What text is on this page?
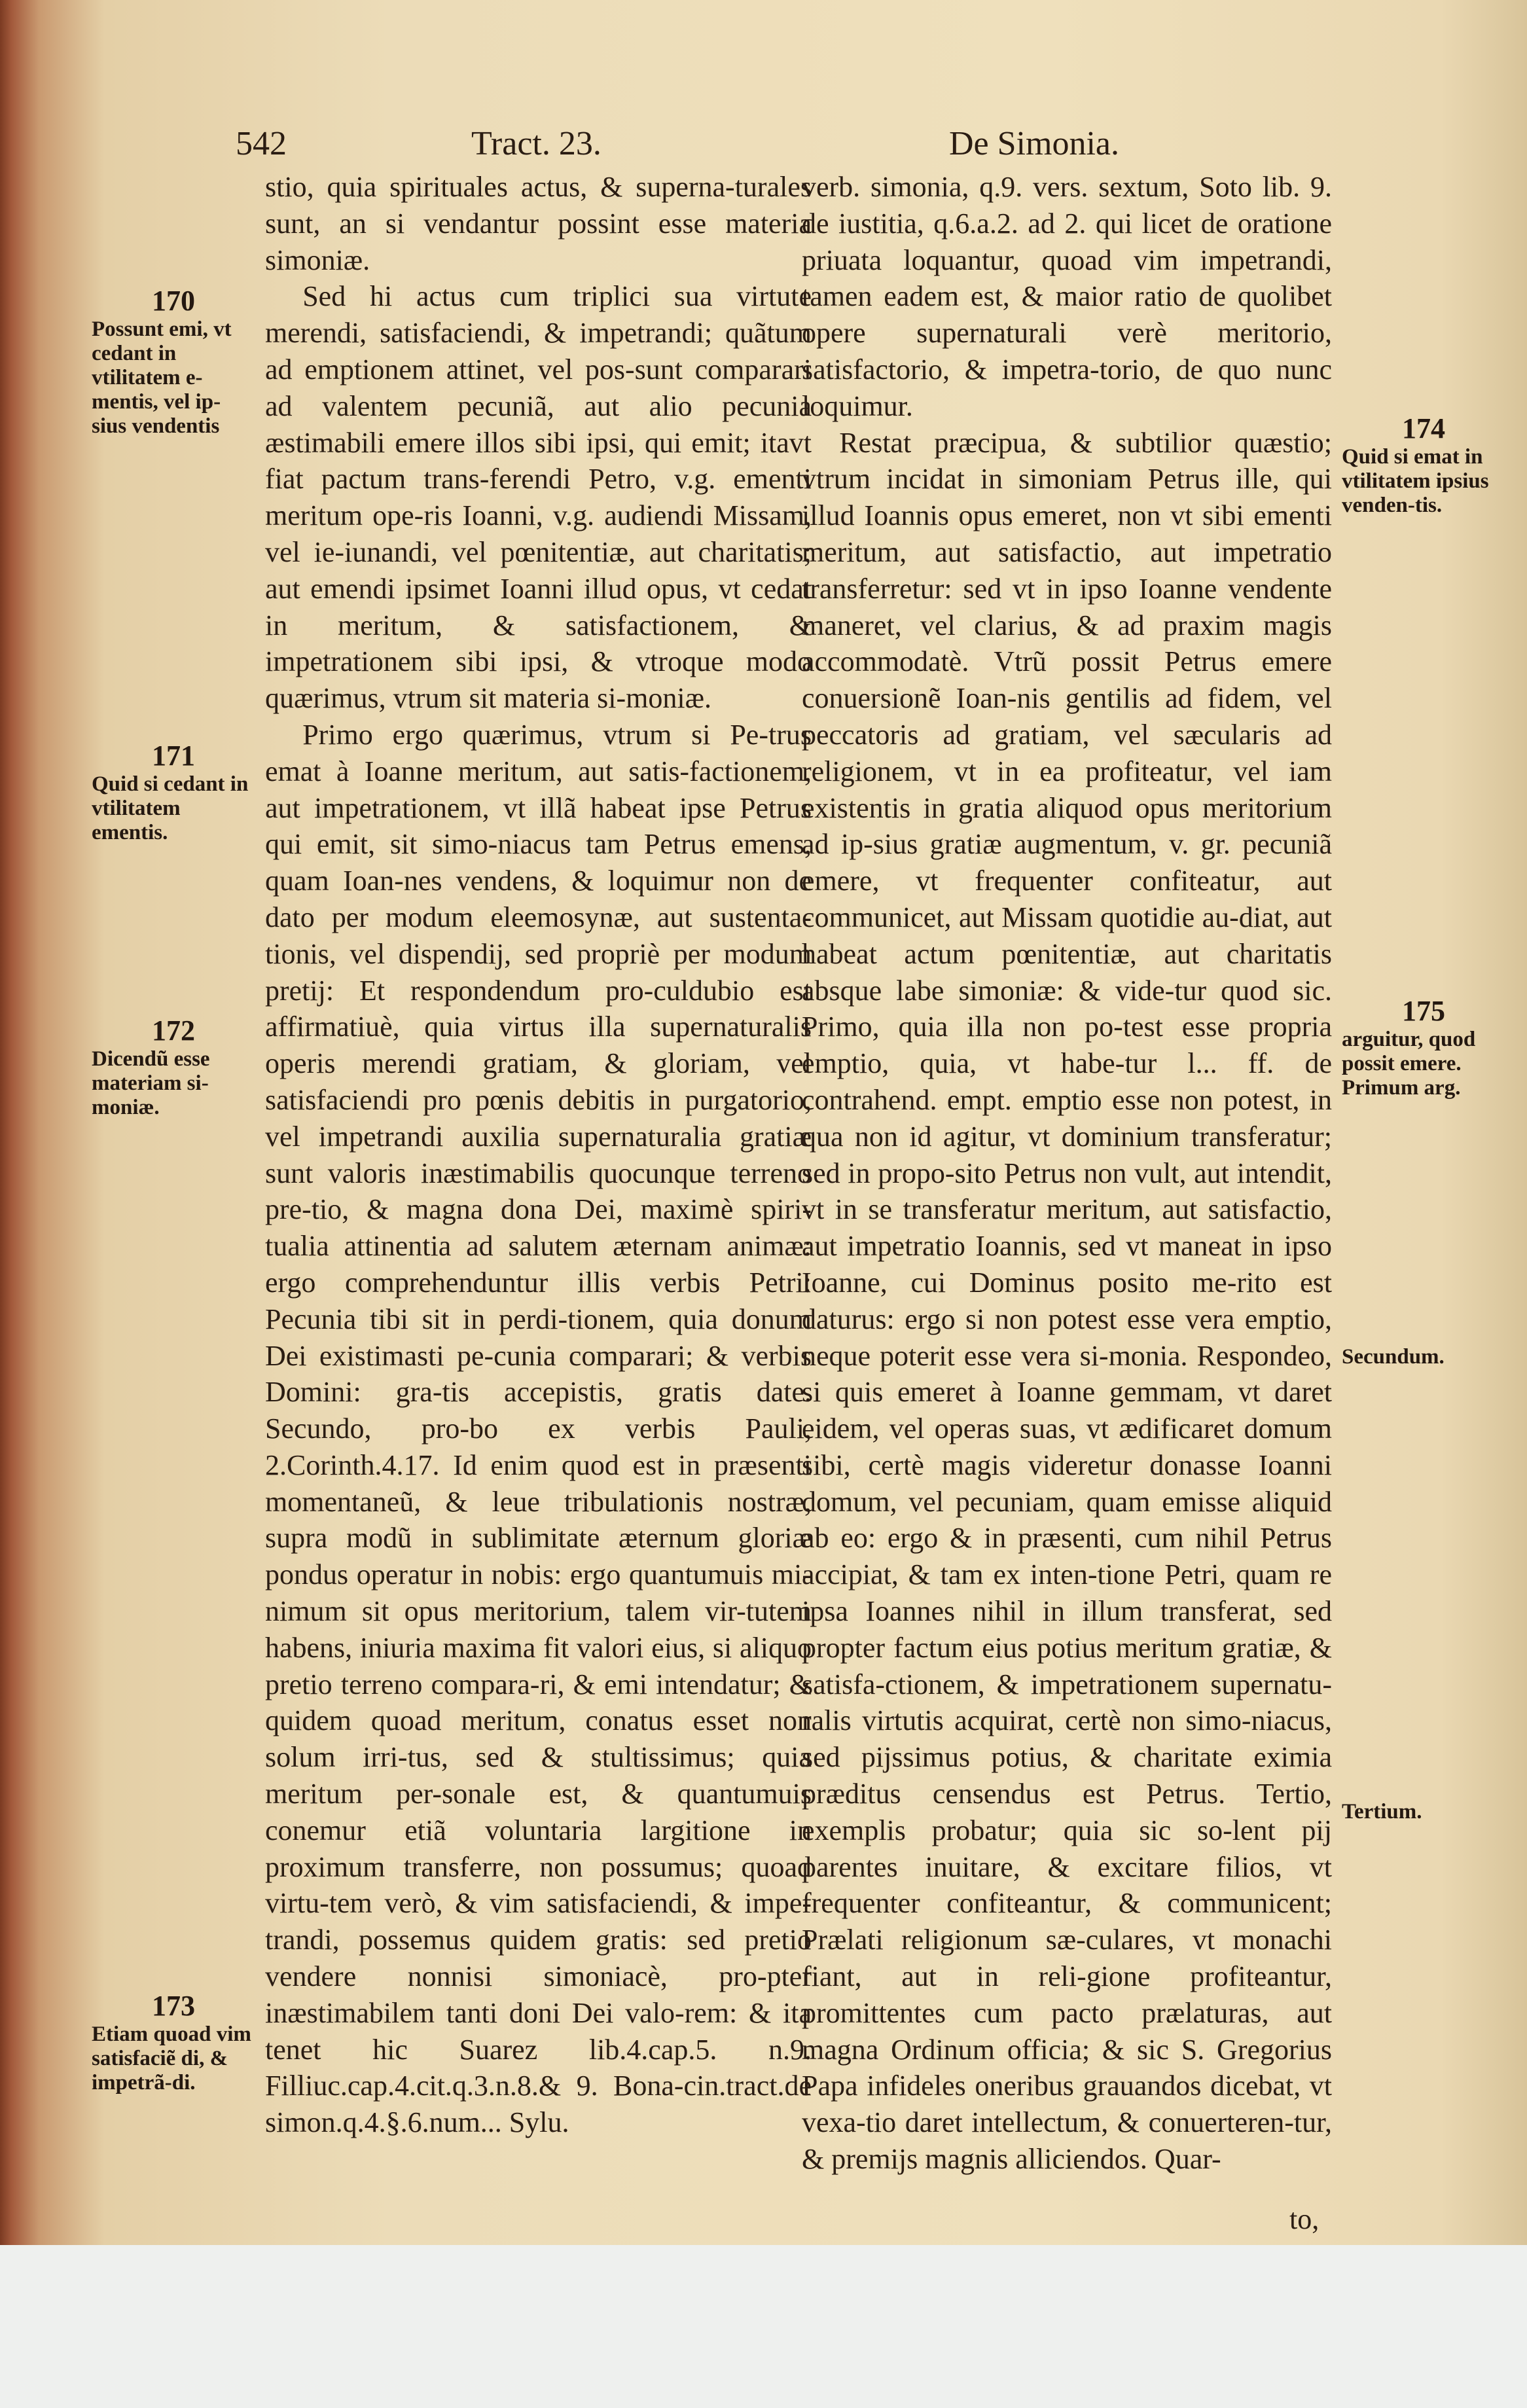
542	Tract. 23.	De Simonia.

stio, quia spirituales actus, & superna-turales sunt, an si vendantur possint esse materia simoniæ.

Sed hi actus cum triplici sua virtute merendi, satisfaciendi, & impetrandi; quãtum ad emptionem attinet, vel pos-sunt comparari ad valentem pecuniã, aut alio pecunia æstimabili emere illos sibi ipsi, qui emit; itavt fiat pactum trans-ferendi Petro, v.g. ementi meritum ope-ris Ioanni, v.g. audiendi Missam, vel ie-iunandi, vel pœnitentiæ, aut charitatis; aut emendi ipsimet Ioanni illud opus, vt cedat in meritum, & satisfactionem, & impetrationem sibi ipsi, & vtroque modo quærimus, vtrum sit materia si-moniæ.

Primo ergo quærimus, vtrum si Pe-trus emat à Ioanne meritum, aut satis-factionem, aut impetrationem, vt illã habeat ipse Petrus qui emit, sit simo-niacus tam Petrus emens, quam Ioan-nes vendens, & loquimur non de dato per modum eleemosynæ, aut sustenta-tionis, vel dispendij, sed propriè per modum pretij: Et respondendum pro-culdubio est affirmatiuè, quia virtus illa supernaturalis operis merendi gratiam, & gloriam, vel satisfaciendi pro pœnis debitis in purgatorio, vel impetrandi auxilia supernaturalia gratiæ sunt valoris inæstimabilis quocunque terreno pre-tio, & magna dona Dei, maximè spiri-tualia attinentia ad salutem æternam animæ: ergo comprehenduntur illis verbis Petri: Pecunia tibi sit in perdi-tionem, quia donum Dei existimasti pe-cunia comparari; & verbis Domini: gra-tis accepistis, gratis date. Secundo, pro-bo ex verbis Pauli, 2.Corinth.4.17. Id enim quod est in præsenti momentaneũ, & leue tribulationis nostræ, supra modũ in sublimitate æternum gloriæ pondus operatur in nobis: ergo quantumuis mi-nimum sit opus meritorium, talem vir-tutem habens, iniuria maxima fit valori eius, si aliquo pretio terreno compara-ri, & emi intendatur; & quidem quoad meritum, conatus esset non solum irri-tus, sed & stultissimus; quia meritum per-sonale est, & quantumuis conemur etiã voluntaria largitione in proximum transferre, non possumus; quoad virtu-tem verò, & vim satisfaciendi, & impe-trandi, possemus quidem gratis: sed pretio vendere nonnisi simoniacè, pro-pter inæstimabilem tanti doni Dei valo-rem: & ita tenet hic Suarez lib.4.cap.5. n.9. Filliuc.cap.4.cit.q.3.n.8.& 9. Bona-cin.tract.de simon.q.4.§.6.num... Sylu.

verb. simonia, q.9. vers. sextum, Soto lib. 9. de iustitia, q.6.a.2. ad 2. qui licet de oratione priuata loquantur, quoad vim impetrandi, tamen eadem est, & maior ratio de quolibet opere supernaturali verè meritorio, satisfactorio, & impetra-torio, de quo nunc loquimur.

Restat præcipua, & subtilior quæstio; vtrum incidat in simoniam Petrus ille, qui illud Ioannis opus emeret, non vt sibi ementi meritum, aut satisfactio, aut impetratio transferretur: sed vt in ipso Ioanne vendente maneret, vel clarius, & ad praxim magis accommodatè. Vtrũ possit Petrus emere conuersionẽ Ioan-nis gentilis ad fidem, vel peccatoris ad gratiam, vel sæcularis ad religionem, vt in ea profiteatur, vel iam existentis in gratia aliquod opus meritorium ad ip-sius gratiæ augmentum, v. gr. pecuniã emere, vt frequenter confiteatur, aut communicet, aut Missam quotidie au-diat, aut habeat actum pœnitentiæ, aut charitatis absque labe simoniæ: & vide-tur quod sic. Primo, quia illa non po-test esse propria emptio, quia, vt habe-tur l... ff. de contrahend. empt. emptio esse non potest, in qua non id agitur, vt dominium transferatur; sed in propo-sito Petrus non vult, aut intendit, vt in se transferatur meritum, aut satisfactio, aut impetratio Ioannis, sed vt maneat in ipso Ioanne, cui Dominus posito me-rito est daturus: ergo si non potest esse vera emptio, neque poterit esse vera si-monia. Respondeo, si quis emeret à Ioanne gemmam, vt daret eidem, vel operas suas, vt ædificaret domum sibi, certè magis videretur donasse Ioanni domum, vel pecuniam, quam emisse aliquid ab eo: ergo & in præsenti, cum nihil Petrus accipiat, & tam ex inten-tione Petri, quam re ipsa Ioannes nihil in illum transferat, sed propter factum eius potius meritum gratiæ, & satisfa-ctionem, & impetrationem supernatu-ralis virtutis acquirat, certè non simo-niacus, sed pijssimus potius, & charitate eximia præditus censendus est Petrus. Tertio, exemplis probatur; quia sic so-lent pij parentes inuitare, & excitare filios, vt frequenter confiteantur, & communicent; Prælati religionum sæ-culares, vt monachi fiant, aut in reli-gione profiteantur, promittentes cum pacto prælaturas, aut magna Ordinum officia; & sic S. Gregorius Papa infideles oneribus grauandos dicebat, vt vexa-tio daret intellectum, & conuerteren-tur, & premijs magnis alliciendos. Quar-

to,
170
Possunt emi, vt cedant in vtilitatem e-mentis, vel ip-sius vendentis
171
Quid si cedant in vtilitatem ementis.
172
Dicendũ esse materiam si-moniæ.
173
Etiam quoad vim satisfaciẽ di, & impetrã-di.
174
Quid si emat in vtilitatem ipsius venden-tis.
175
arguitur, quod possit emere. Primum arg.
Secundum.
Tertium.
